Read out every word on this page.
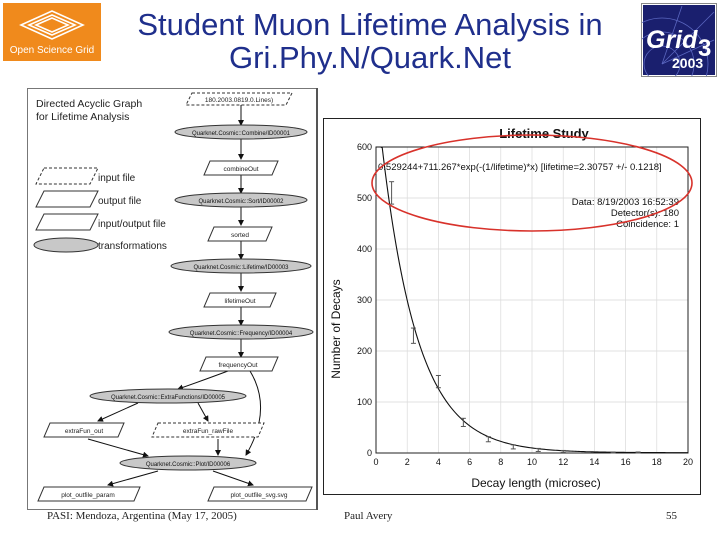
Open Science Grid
Student Muon Lifetime Analysis in
Gri.Phy.N/Quark.Net	Grid
2003
3
Directed Acyclic Graph
for Lifetime Analysis
input file
output file
input/output file
transformations
180.2003.0819.0.Lines)
Quarknet.Cosmic::Combine/ID00001
combineOut
Quarknet.Cosmic::Sort/ID00002
sorted
Quarknet.Cosmic::Lifetime/ID00003
lifetimeOut
Quarknet.Cosmic::Frequency/ID00004
frequencyOut
Quarknet.Cosmic::ExtraFunctions/ID00005
extraFun_out	extraFun_rawFile
Quarknet.Cosmic::Plot/ID00006
plot_outfile_param	plot_outfile_svg.svg
Lifetime Study
0	2	4	6	8	10 12 14 16 18 20
0
100
200
300
400
500
600
0.529244+711.267*exp(-(1/lifetime)*x) [lifetime=2.30757 +/- 0.1218]
Data: 8/19/2003 16:52:39
Detector(s): 180
Coincidence: 1
Number of Decays
Decay length (microsec)
PASI: Mendoza, Argentina (May 17, 2005)	Paul Avery	55
